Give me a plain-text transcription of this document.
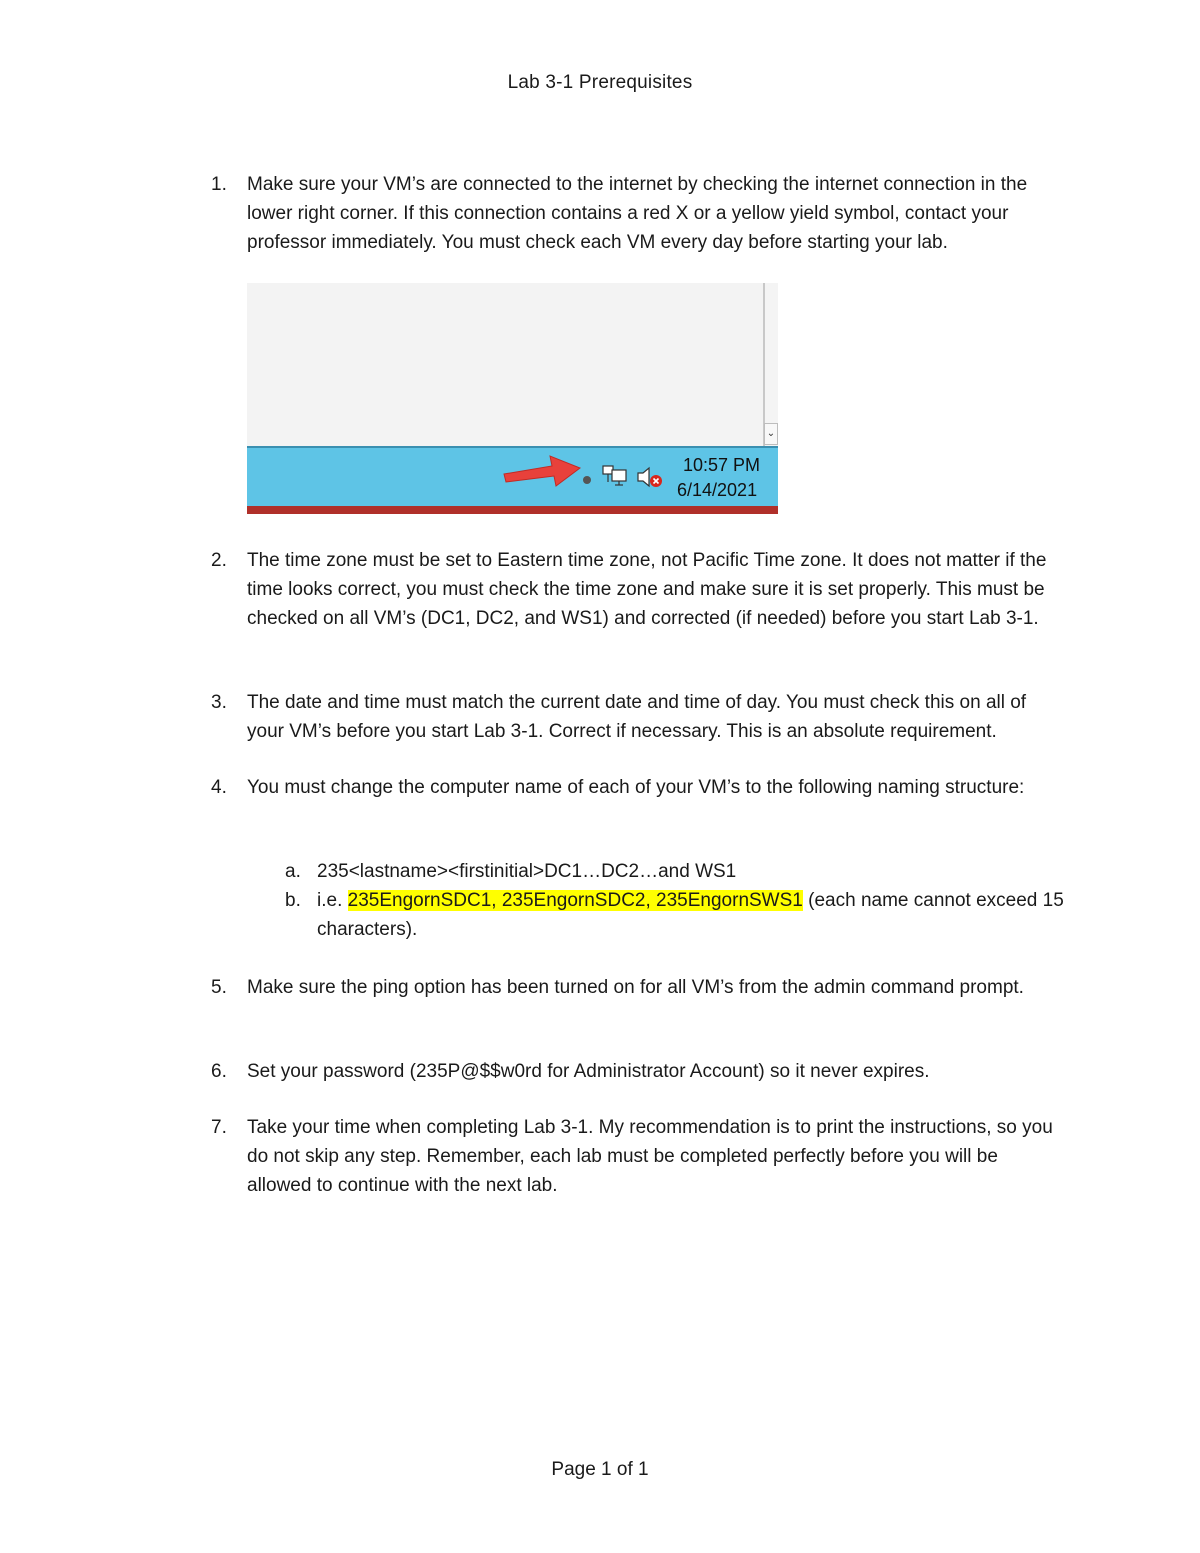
Lab 3-1 Prerequisites
1.	Make sure your VM’s are connected to the internet by checking the internet connection in the lower right corner. If this connection contains a red X or a yellow yield symbol, contact your professor immediately. You must check each VM every day before starting your lab.
⌄
10:57 PM
6/14/2021
2.	The time zone must be set to Eastern time zone, not Pacific Time zone. It does not matter if the time looks correct, you must check the time zone and make sure it is set properly. This must be checked on all VM’s (DC1, DC2, and WS1) and corrected (if needed) before you start Lab 3-1.
3.	The date and time must match the current date and time of day. You must check this on all of your VM’s before you start Lab 3-1. Correct if necessary. This is an absolute requirement.
4.	You must change the computer name of each of your VM’s to the following naming structure:
a. 235<lastname><firstinitial>DC1…DC2…and WS1
b. i.e. 235EngornSDC1, 235EngornSDC2, 235EngornSWS1 (each name cannot exceed 15 characters).
5.	Make sure the ping option has been turned on for all VM’s from the admin command prompt.
6.	Set your password (235P@$$w0rd for Administrator Account) so it never expires.
7.	Take your time when completing Lab 3-1. My recommendation is to print the instructions, so you do not skip any step. Remember, each lab must be completed perfectly before you will be allowed to continue with the next lab.
Page 1 of 1
